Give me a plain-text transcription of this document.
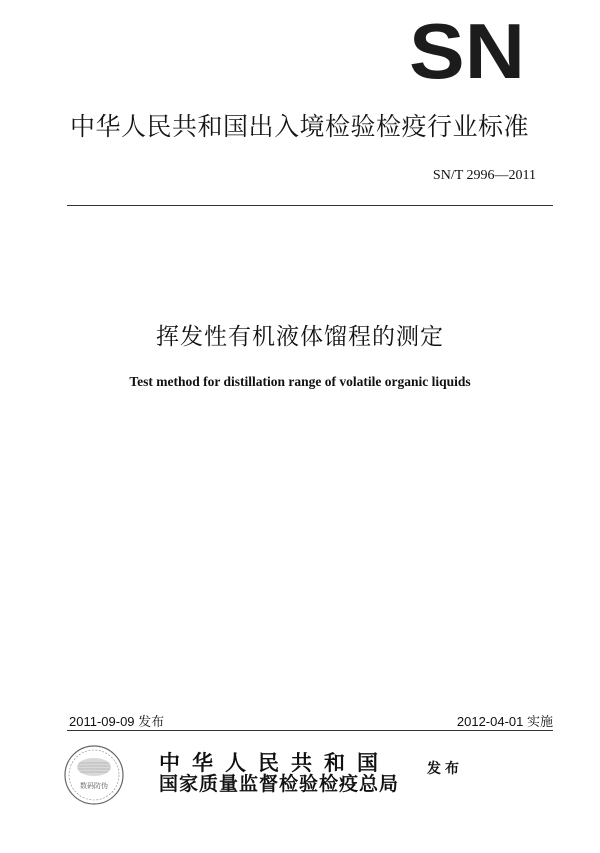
SN
中华人民共和国出入境检验检疫行业标准
SN/T 2996—2011
挥发性有机液体馏程的测定
Test method for distillation range of volatile organic liquids
2011-09-09 发布	2012-04-01 实施
数码防伪
中华人民共和国
国家质量监督检验检疫总局
发布
